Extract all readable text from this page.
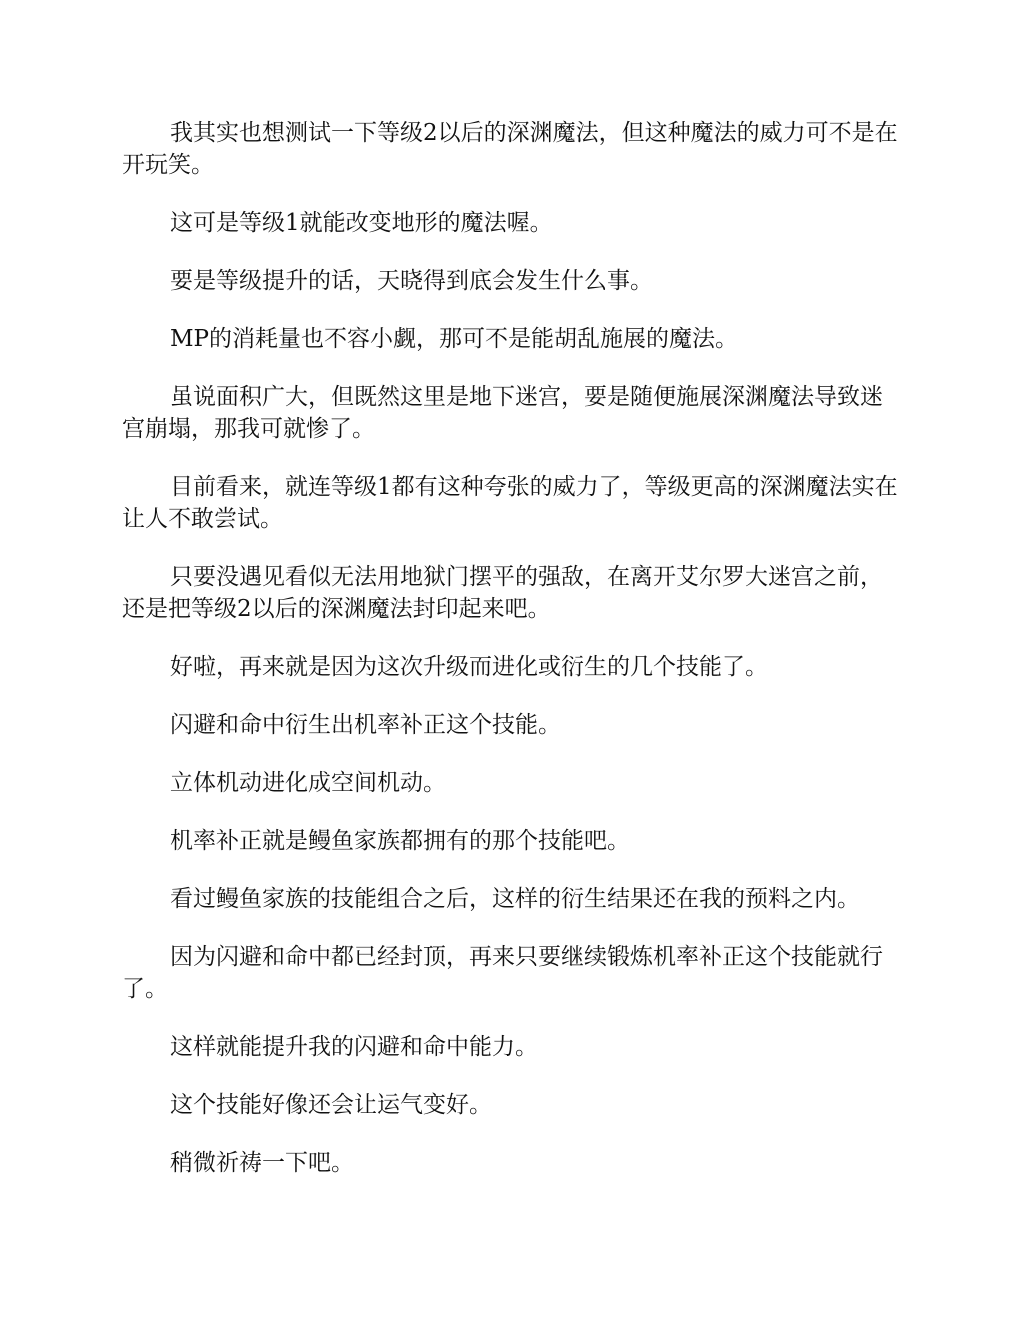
我其实也想测试一下等级2以后的深渊魔法，但这种魔法的威力可不是在开玩笑。

这可是等级1就能改变地形的魔法喔。

要是等级提升的话，天晓得到底会发生什么事。

MP的消耗量也不容小觑，那可不是能胡乱施展的魔法。

虽说面积广大，但既然这里是地下迷宫，要是随便施展深渊魔法导致迷宫崩塌，那我可就惨了。

目前看来，就连等级1都有这种夸张的威力了，等级更高的深渊魔法实在让人不敢尝试。

只要没遇见看似无法用地狱门摆平的强敌，在离开艾尔罗大迷宫之前，还是把等级2以后的深渊魔法封印起来吧。

好啦，再来就是因为这次升级而进化或衍生的几个技能了。

闪避和命中衍生出机率补正这个技能。

立体机动进化成空间机动。

机率补正就是鳗鱼家族都拥有的那个技能吧。

看过鳗鱼家族的技能组合之后，这样的衍生结果还在我的预料之内。

因为闪避和命中都已经封顶，再来只要继续锻炼机率补正这个技能就行了。

这样就能提升我的闪避和命中能力。

这个技能好像还会让运气变好。

稍微祈祷一下吧。
